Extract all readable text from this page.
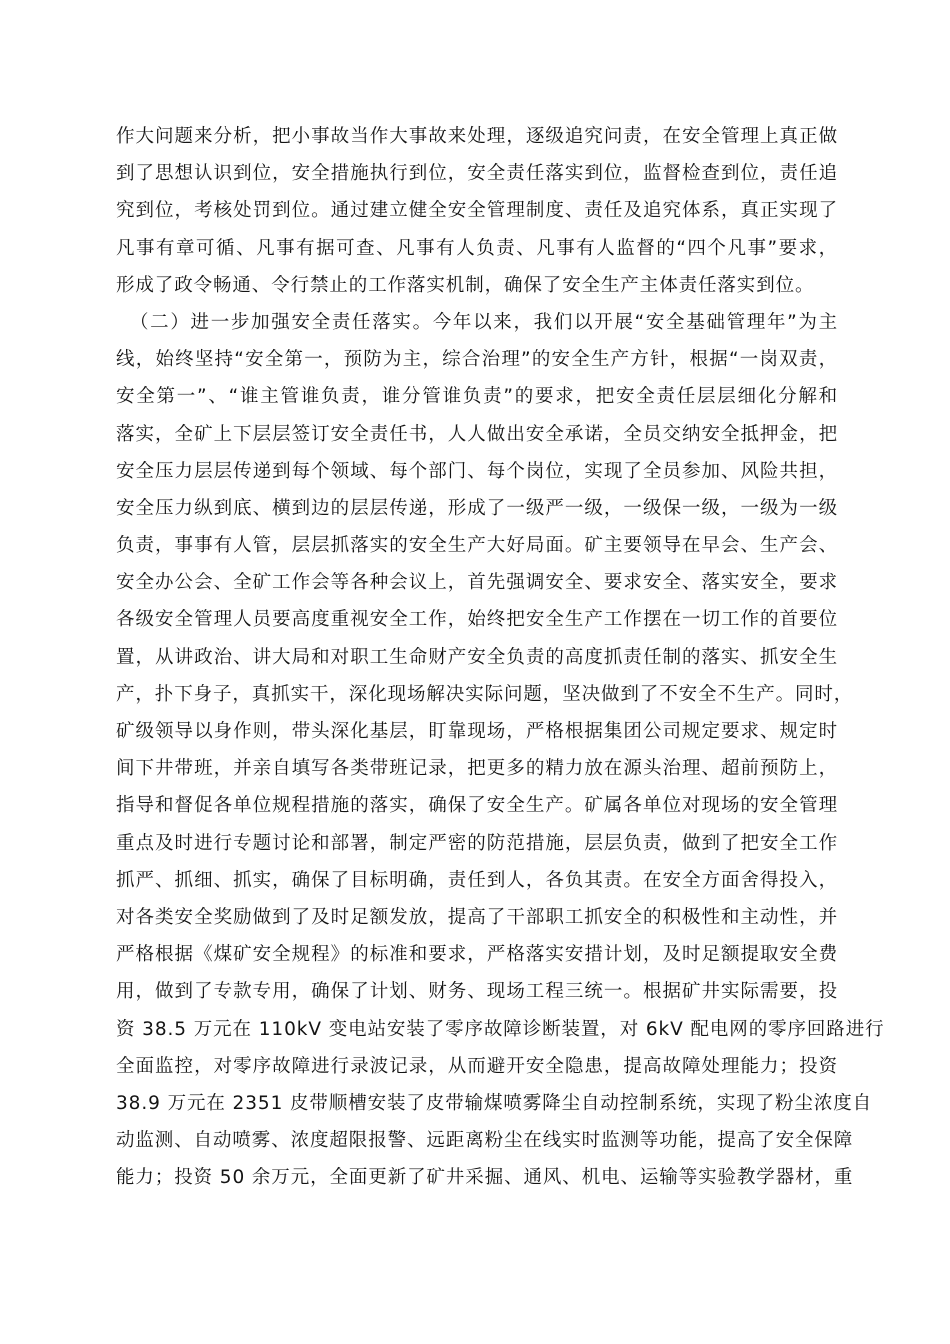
作大问题来分析，把小事故当作大事故来处理，逐级追究问责，在安全管理上真正做
到了思想认识到位，安全措施执行到位，安全责任落实到位，监督检查到位，责任追
究到位，考核处罚到位。通过建立健全安全管理制度、责任及追究体系，真正实现了
凡事有章可循、凡事有据可查、凡事有人负责、凡事有人监督的“四个凡事”要求，
形成了政令畅通、令行禁止的工作落实机制，确保了安全生产主体责任落实到位。
（二）进一步加强安全责任落实。今年以来，我们以开展“安全基础管理年”为主
线，始终坚持“安全第一，预防为主，综合治理”的安全生产方针，根据“一岗双责，
安全第一”、“谁主管谁负责，谁分管谁负责”的要求，把安全责任层层细化分解和
落实，全矿上下层层签订安全责任书，人人做出安全承诺，全员交纳安全抵押金，把
安全压力层层传递到每个领域、每个部门、每个岗位，实现了全员参加、风险共担，
安全压力纵到底、横到边的层层传递，形成了一级严一级，一级保一级，一级为一级
负责，事事有人管，层层抓落实的安全生产大好局面。矿主要领导在早会、生产会、
安全办公会、全矿工作会等各种会议上，首先强调安全、要求安全、落实安全，要求
各级安全管理人员要高度重视安全工作，始终把安全生产工作摆在一切工作的首要位
置，从讲政治、讲大局和对职工生命财产安全负责的高度抓责任制的落实、抓安全生
产，扑下身子，真抓实干，深化现场解决实际问题，坚决做到了不安全不生产。同时，
矿级领导以身作则，带头深化基层，盯靠现场，严格根据集团公司规定要求、规定时
间下井带班，并亲自填写各类带班记录，把更多的精力放在源头治理、超前预防上，
指导和督促各单位规程措施的落实，确保了安全生产。矿属各单位对现场的安全管理
重点及时进行专题讨论和部署，制定严密的防范措施，层层负责，做到了把安全工作
抓严、抓细、抓实，确保了目标明确，责任到人，各负其责。在安全方面舍得投入，
对各类安全奖励做到了及时足额发放，提高了干部职工抓安全的积极性和主动性，并
严格根据《煤矿安全规程》的标准和要求，严格落实安措计划，及时足额提取安全费
用，做到了专款专用，确保了计划、财务、现场工程三统一。根据矿井实际需要，投
资 38.5 万元在 110kV 变电站安装了零序故障诊断装置，对 6kV 配电网的零序回路进行
全面监控，对零序故障进行录波记录，从而避开安全隐患，提高故障处理能力；投资
38.9 万元在 2351 皮带顺槽安装了皮带输煤喷雾降尘自动控制系统，实现了粉尘浓度自
动监测、自动喷雾、浓度超限报警、远距离粉尘在线实时监测等功能，提高了安全保障
能力；投资 50 余万元，全面更新了矿井采掘、通风、机电、运输等实验教学器材，重
